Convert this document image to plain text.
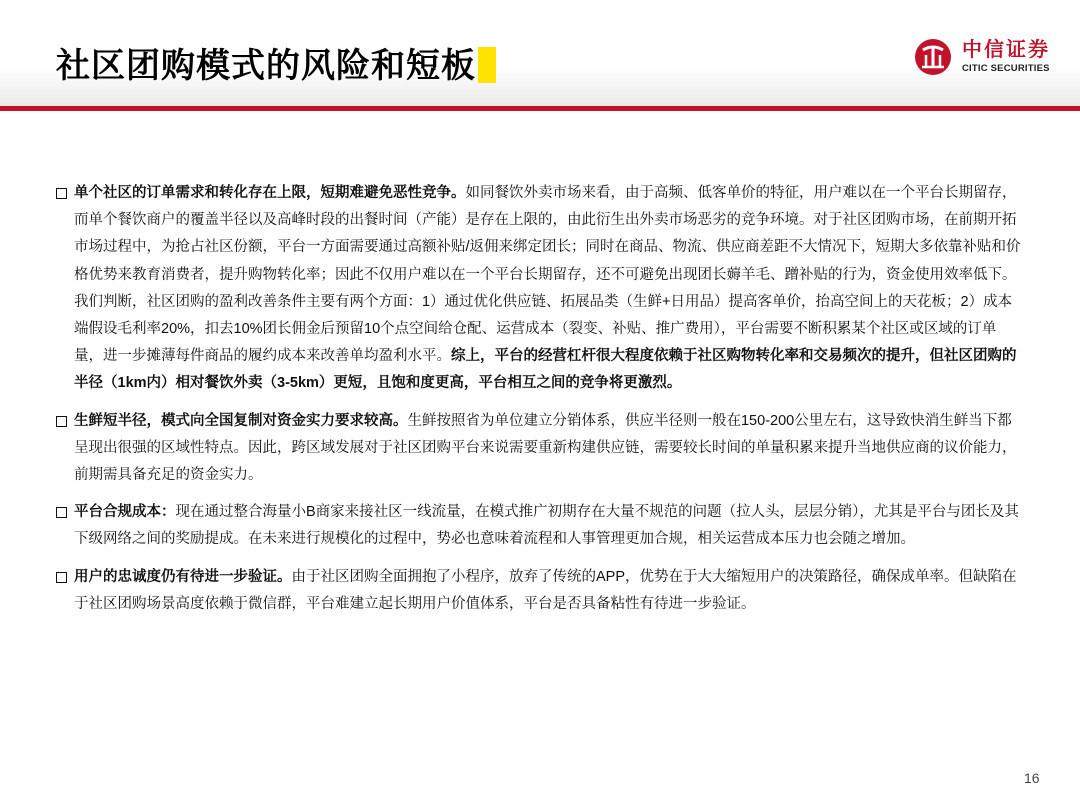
社区团购模式的风险和短板	中信证券
CITIC SECURITIES
单个社区的订单需求和转化存在上限，短期难避免恶性竞争。如同餐饮外卖市场来看，由于高频、低客单价的特征，用户难以在一个平台长期留存，而单个餐饮商户的覆盖半径以及高峰时段的出餐时间（产能）是存在上限的，由此衍生出外卖市场恶劣的竞争环境。对于社区团购市场，在前期开拓市场过程中，为抢占社区份额，平台一方面需要通过高额补贴/返佣来绑定团长；同时在商品、物流、供应商差距不大情况下，短期大多依靠补贴和价格优势来教育消费者，提升购物转化率；因此不仅用户难以在一个平台长期留存，还不可避免出现团长薅羊毛、蹭补贴的行为，资金使用效率低下。我们判断，社区团购的盈利改善条件主要有两个方面：1）通过优化供应链、拓展品类（生鲜+日用品）提高客单价，抬高空间上的天花板；2）成本端假设毛利率20%，扣去10%团长佣金后预留10个点空间给仓配、运营成本（裂变、补贴、推广费用），平台需要不断积累某个社区或区域的订单量，进一步摊薄每件商品的履约成本来改善单均盈利水平。综上，平台的经营杠杆很大程度依赖于社区购物转化率和交易频次的提升，但社区团购的半径（1km内）相对餐饮外卖（3-5km）更短，且饱和度更高，平台相互之间的竞争将更激烈。
生鲜短半径，模式向全国复制对资金实力要求较高。生鲜按照省为单位建立分销体系，供应半径则一般在150-200公里左右，这导致快消生鲜当下都呈现出很强的区域性特点。因此，跨区域发展对于社区团购平台来说需要重新构建供应链，需要较长时间的单量积累来提升当地供应商的议价能力，前期需具备充足的资金实力。
平台合规成本：现在通过整合海量小B商家来接社区一线流量，在模式推广初期存在大量不规范的问题（拉人头，层层分销），尤其是平台与团长及其下级网络之间的奖励提成。在未来进行规模化的过程中，势必也意味着流程和人事管理更加合规，相关运营成本压力也会随之增加。
用户的忠诚度仍有待进一步验证。由于社区团购全面拥抱了小程序，放弃了传统的APP，优势在于大大缩短用户的决策路径，确保成单率。但缺陷在于社区团购场景高度依赖于微信群，平台难建立起长期用户价值体系，平台是否具备粘性有待进一步验证。
16
